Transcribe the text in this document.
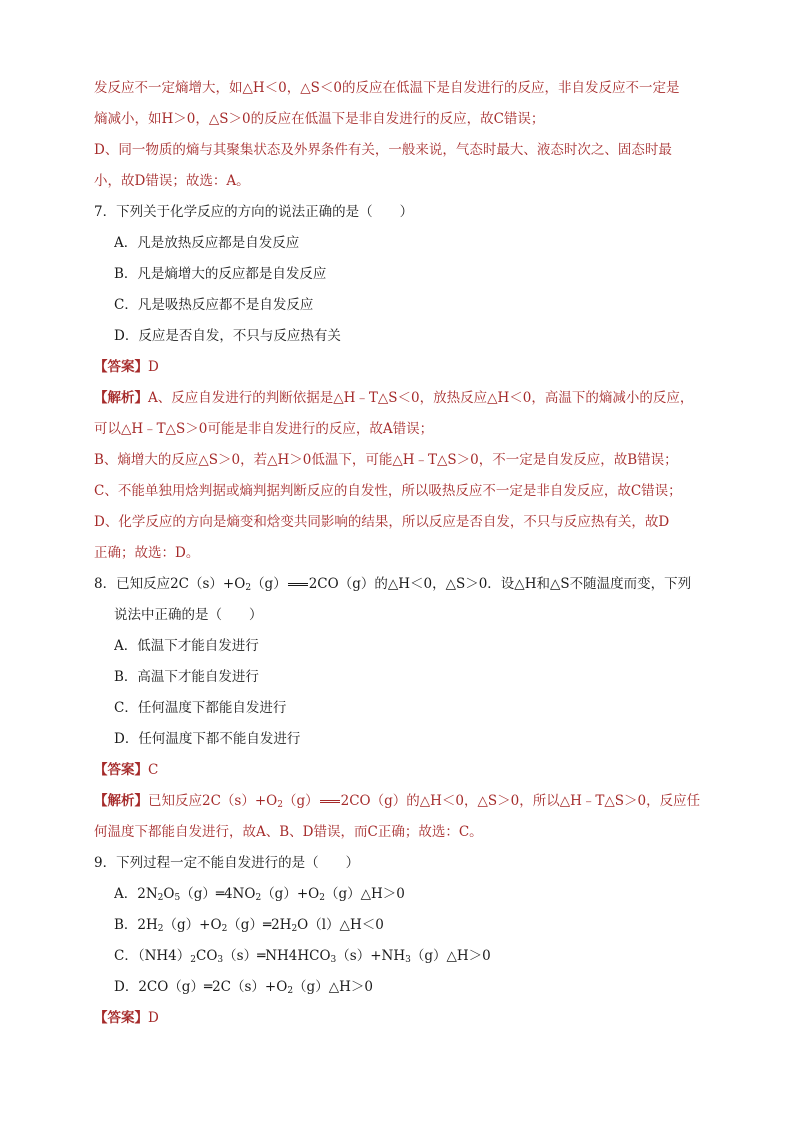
发反应不一定熵增大，如△H＜0，△S＜0的反应在低温下是自发进行的反应，非自发反应不一定是
熵减小，如H＞0，△S＞0的反应在低温下是非自发进行的反应，故C错误；
D、同一物质的熵与其聚集状态及外界条件有关，一般来说，气态时最大、液态时次之、固态时最
小，故D错误；故选：A。
7．下列关于化学反应的方向的说法正确的是（　　）
A．凡是放热反应都是自发反应
B．凡是熵增大的反应都是自发反应
C．凡是吸热反应都不是自发反应
D．反应是否自发，不只与反应热有关
【答案】D
【解析】A、反应自发进行的判断依据是△H﹣T△S＜0，放热反应△H＜0，高温下的熵减小的反应，
可以△H﹣T△S＞0可能是非自发进行的反应，故A错误；
B、熵增大的反应△S＞0，若△H＞0低温下，可能△H﹣T△S＞0，不一定是自发反应，故B错误；
C、不能单独用焓判据或熵判据判断反应的自发性，所以吸热反应不一定是非自发反应，故C错误；
D、化学反应的方向是熵变和焓变共同影响的结果，所以反应是否自发，不只与反应热有关，故D
正确；故选：D。
8．已知反应$2C(s)+O_2(g)$ 2CO（g）的△H＜0，△S＞0．设△H和△S不随温度而变，下列
说法中正确的是（　　）
A．低温下才能自发进行
B．高温下才能自发进行
C．任何温度下都能自发进行
D．任何温度下都不能自发进行
【答案】C
【解析】已知反应$2C(s)+O_2(g)$ 2CO（g）的△H＜0，△S＞0，所以△H﹣T△S＞0，反应任
何温度下都能自发进行，故A、B、D错误，而C正确；故选：C。
9．下列过程一定不能自发进行的是（　　）
A．$2N_2O_5(g)═4NO_2(g)+O_2(g)\triangle H>0$
B．$2H_2(g)+O_2(g)═2H_2O(l)\triangle H<0$
C．$(NH4)_2CO_3(s)═NH4HCO_3(s)+NH_3(g)\triangle H>0$
D．$2CO(g)═2C(s)+O_2(g)\triangle H>0$
【答案】D
